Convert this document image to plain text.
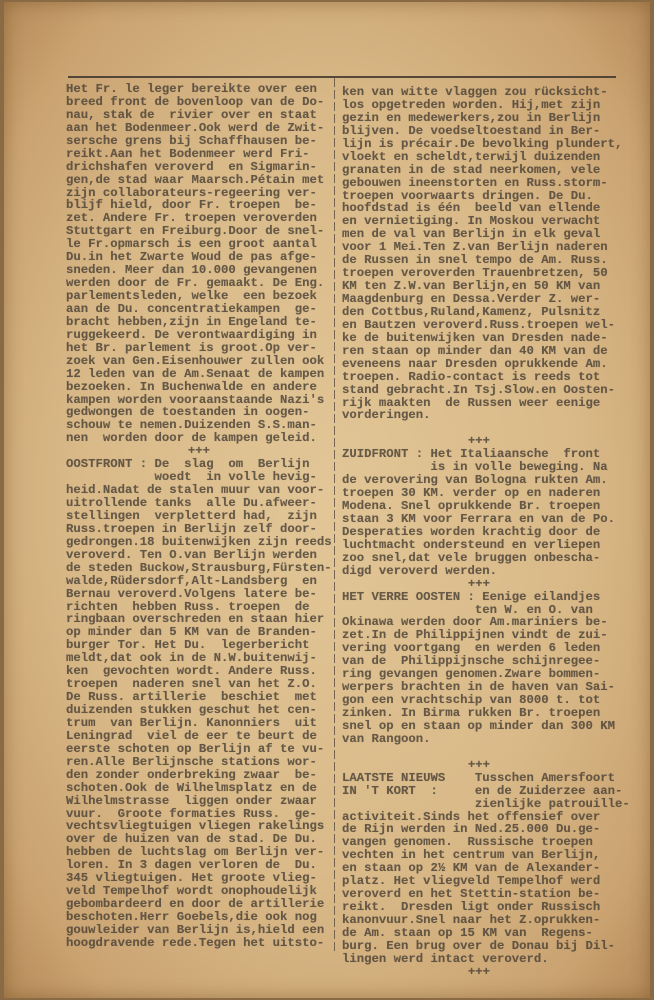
Het Fr. le leger bereikte over een
breed front de bovenloop van de Do-
nau, stak de  rivier over en staat
aan het Bodenmeer.Ook werd de Zwit-
sersche grens bij Schaffhausen be-
reikt.Aan het Bodenmeer werd Fri-
drichshafen veroverd  en Sigmarin-
gen,de stad waar Maarsch.Pétain met
zijn collaborateurs-regeering ver-
blijf hield, door Fr. troepen  be-
zet. Andere Fr. troepen veroverden
Stuttgart en Freiburg.Door de snel-
le Fr.opmarsch is een groot aantal
Du.in het Zwarte Woud de pas afge-
sneden. Meer dan 10.000 gevangenen
werden door de Fr. gemaakt. De Eng.
parlementsleden, welke  een bezoek
aan de Du. concentratiekampen  ge-
bracht hebben,zijn in Engeland te-
ruggekeerd. De verontwaardiging in
het Br. parlement is groot.Op ver-
zoek van Gen.Eisenhouwer zullen ook
12 leden van de Am.Senaat de kampen
bezoeken. In Buchenwalde en andere
kampen worden vooraanstaande Nazi's
gedwongen de toestanden in oogen-
schouw te nemen.Duizenden S.S.man-
nen  worden door de kampen geleid.
+++
OOSTFRONT : De  slag  om  Berlijn
woedt  in volle hevig-
heid.Nadat de stalen muur van voor-
uitrollende tanks  alle Du.afweer-
stellingen  verpletterd had,  zijn
Russ.troepen in Berlijn zelf door-
gedrongen.18 buitenwijken zijn reeds
veroverd. Ten O.van Berlijn werden
de steden Buckow,Strausburg,Fürsten-
walde,Rüdersdorf,Alt-Landsberg  en
Bernau veroverd.Volgens latere be-
richten  hebben Russ. troepen  de
ringbaan overschreden en staan hier
op minder dan 5 KM van de Branden-
burger Tor. Het Du.  legerbericht
meldt,dat ook in de N.W.buitenwij-
ken  gevochten wordt. Andere Russ.
troepen  naderen snel van het Z.O.
De Russ. artillerie  beschiet  met
duizenden stukken geschut het cen-
trum  van Berlijn. Kanonniers  uit
Leningrad  viel de eer te beurt de
eerste schoten op Berlijn af te vu-
ren.Alle Berlijnsche stations wor-
den zonder onderbreking zwaar  be-
schoten.Ook de Wilhelmsplatz en de
Wilhelmstrasse  liggen onder zwaar
vuur.  Groote formaties Russ.  ge-
vechtsvliegtuigen vliegen rakelings
over de huizen van de stad. De Du.
hebben de luchtslag om Berlijn ver-
loren. In 3 dagen verloren de  Du.
345 vliegtuigen. Het groote vlieg-
veld Tempelhof wordt onophoudelijk
gebombardeerd en door de artillerie
beschoten.Herr Goebels,die ook nog
gouwleider van Berlijn is,hield een
hoogdravende rede.Tegen het uitsto-
ken van witte vlaggen zou rücksicht-
los opgetreden worden. Hij,met zijn
gezin en medewerkers,zou in Berlijn
blijven. De voedseltoestand in Ber-
lijn is précair.De bevolking plundert,
vloekt en scheldt,terwijl duizenden
granaten in de stad neerkomen, vele
gebouwen ineenstorten en Russ.storm-
troepen voorwaarts dringen. De Du.
hoofdstad is één  beeld van ellende
en vernietiging. In Moskou verwacht
men de val van Berlijn in elk geval
voor 1 Mei.Ten Z.van Berlijn naderen
de Russen in snel tempo de Am. Russ.
troepen veroverden Trauenbretzen, 50
KM ten Z.W.van Berlijn,en 50 KM van
Maagdenburg en Dessa.Verder Z. wer-
den Cottbus,Ruland,Kamenz, Pulsnitz
en Bautzen veroverd.Russ.troepen wel-
ke de buitenwijken van Dresden nade-
ren staan op minder dan 40 KM van de
eveneens naar Dresden oprukkende Am.
troepen. Radio-contact is reeds tot
stand gebracht.In Tsj.Slow.en Oosten-
rijk maakten  de Russen weer eenige
vorderingen.
+++
ZUIDFRONT : Het Italiaansche  front
is in volle beweging. Na
de verovering van Bologna rukten Am.
troepen 30 KM. verder op en naderen
Modena. Snel oprukkende Br. troepen
staan 3 KM voor Ferrara en van de Po.
Desperaties worden krachtig door de
luchtmacht ondersteund en verliepen
zoo snel,dat vele bruggen onbescha-
digd veroverd werden.
+++
HET VERRE OOSTEN : Eenige eilandjes
ten W. en O. van
Okinawa werden door Am.mariniers be-
zet.In de Philippijnen vindt de zui-
vering voortgang  en werden 6 leden
van de  Philippijnsche schijnregee-
ring gevangen genomen.Zware bommen-
werpers brachten in de haven van Sai-
gon een vrachtschip van 8000 t. tot
zinken. In Birma rukken Br. troepen
snel op en staan op minder dan 300 KM
van Rangoon.
+++
LAATSTE NIEUWS    Tusschen Amersfoort
IN 'T KORT  :     en de Zuiderzee aan-
zienlijke patrouille-
activiteit.Sinds het offensief over
de Rijn werden in Ned.25.000 Du.ge-
vangen genomen.  Russische troepen
vechten in het centrum van Berlijn,
en staan op 2½ KM van de Alexander-
platz. Het vliegveld Tempelhof werd
veroverd en het Stettin-station be-
reikt.  Dresden ligt onder Russisch
kanonvuur.Snel naar het Z.oprukken-
de Am. staan op 15 KM van  Regens-
burg. Een brug over de Donau bij Dil-
lingen werd intact veroverd.
+++
